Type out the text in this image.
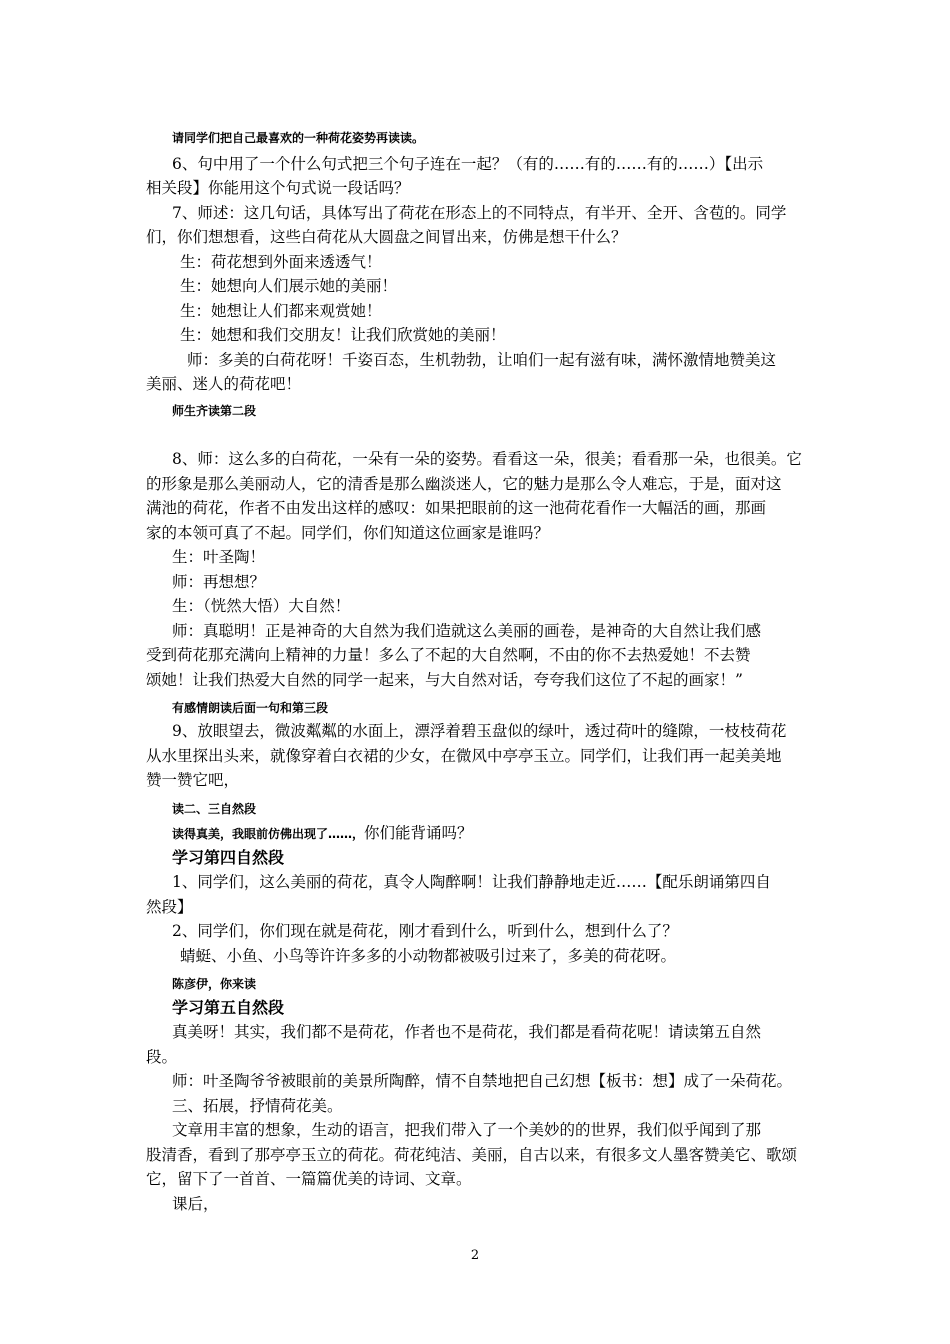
请同学们把自己最喜欢的一种荷花姿势再读读。
6、句中用了一个什么句式把三个句子连在一起？（有的……有的……有的……）【出示
相关段】你能用这个句式说一段话吗？
7、师述：这几句话，具体写出了荷花在形态上的不同特点，有半开、全开、含苞的。同学
们，你们想想看，这些白荷花从大圆盘之间冒出来，仿佛是想干什么？
生：荷花想到外面来透透气！
生：她想向人们展示她的美丽！
生：她想让人们都来观赏她！
生：她想和我们交朋友！让我们欣赏她的美丽！
师：多美的白荷花呀！千姿百态，生机勃勃，让咱们一起有滋有味，满怀激情地赞美这
美丽、迷人的荷花吧！
师生齐读第二段
8、师：这么多的白荷花，一朵有一朵的姿势。看看这一朵，很美；看看那一朵，也很美。它
的形象是那么美丽动人，它的清香是那么幽淡迷人，它的魅力是那么令人难忘，于是，面对这
满池的荷花，作者不由发出这样的感叹：如果把眼前的这一池荷花看作一大幅活的画，那画
家的本领可真了不起。同学们，你们知道这位画家是谁吗？
生：叶圣陶！
师：再想想？
生：（恍然大悟）大自然！
师：真聪明！正是神奇的大自然为我们造就这么美丽的画卷，是神奇的大自然让我们感
受到荷花那充满向上精神的力量！多么了不起的大自然啊，不由的你不去热爱她！不去赞
颂她！让我们热爱大自然的同学一起来，与大自然对话，夸夸我们这位了不起的画家！”
有感情朗读后面一句和第三段
9、放眼望去，微波粼粼的水面上，漂浮着碧玉盘似的绿叶，透过荷叶的缝隙，一枝枝荷花
从水里探出头来，就像穿着白衣裙的少女，在微风中亭亭玉立。同学们，让我们再一起美美地
赞一赞它吧，
读二、三自然段
读得真美，我眼前仿佛出现了……，你们能背诵吗？
学习第四自然段
1、同学们，这么美丽的荷花，真令人陶醉啊！让我们静静地走近……【配乐朗诵第四自
然段】
2、同学们，你们现在就是荷花，刚才看到什么，听到什么，想到什么了？
蜻蜓、小鱼、小鸟等许许多多的小动物都被吸引过来了，多美的荷花呀。
陈彦伊，你来读
学习第五自然段
真美呀！其实，我们都不是荷花，作者也不是荷花，我们都是看荷花呢！请读第五自然
段。
师：叶圣陶爷爷被眼前的美景所陶醉，情不自禁地把自己幻想【板书：想】成了一朵荷花。
三、拓展，抒情荷花美。
文章用丰富的想象，生动的语言，把我们带入了一个美妙的的世界，我们似乎闻到了那
股清香，看到了那亭亭玉立的荷花。荷花纯洁、美丽，自古以来，有很多文人墨客赞美它、歌颂
它，留下了一首首、一篇篇优美的诗词、文章。
课后，
2
